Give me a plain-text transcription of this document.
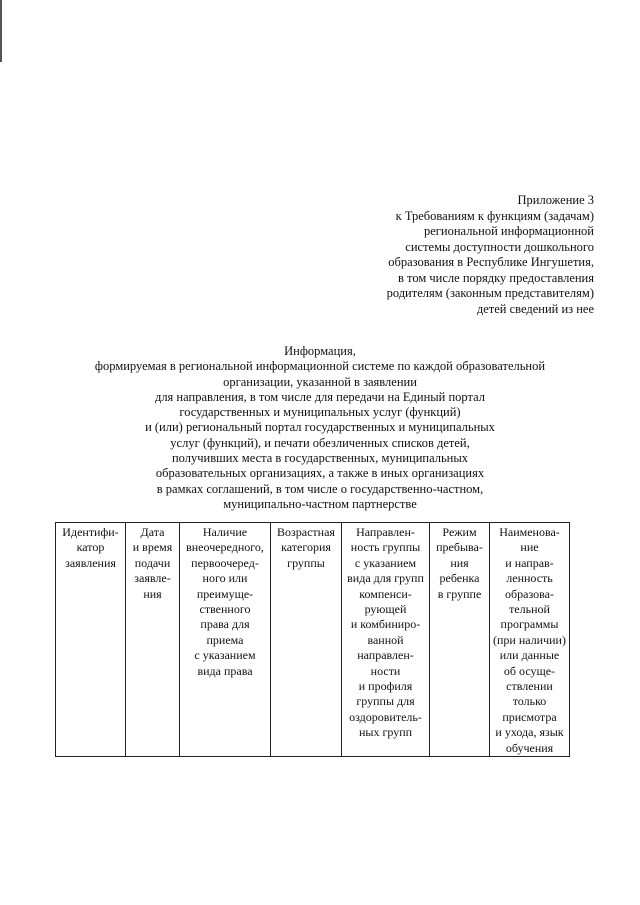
Приложение 3
к Требованиям к функциям (задачам)
региональной информационной
системы доступности дошкольного
образования в Республике Ингушетия,
в том числе порядку предоставления
родителям (законным представителям)
детей сведений из нее
Информация,
формируемая в региональной информационной системе по каждой образовательной
организации, указанной в заявлении
для направления, в том числе для передачи на Единый портал
государственных и муниципальных услуг (функций)
и (или) региональный портал государственных и муниципальных
услуг (функций), и печати обезличенных списков детей,
получивших места в государственных, муниципальных
образовательных организациях, а также в иных организациях
в рамках соглашений, в том числе о государственно-частном,
муниципально-частном партнерстве
Идентифи-
катор
заявления	Дата
и время
подачи
заявле-
ния	Наличие
внеочередного,
первоочеред-
ного или
преимуще-
ственного
права для
приема
с указанием
вида права	Возрастная
категория
группы	Направлен-
ность группы
с указанием
вида для групп
компенси-
рующей
и комбиниро-
ванной
направлен-
ности
и профиля
группы для
оздоровитель-
ных групп	Режим
пребыва-
ния
ребенка
в группе	Наименова-
ние
и направ-
ленность
образова-
тельной
программы
(при наличии)
или данные
об осуще-
ствлении
только
присмотра
и ухода, язык
обучения
